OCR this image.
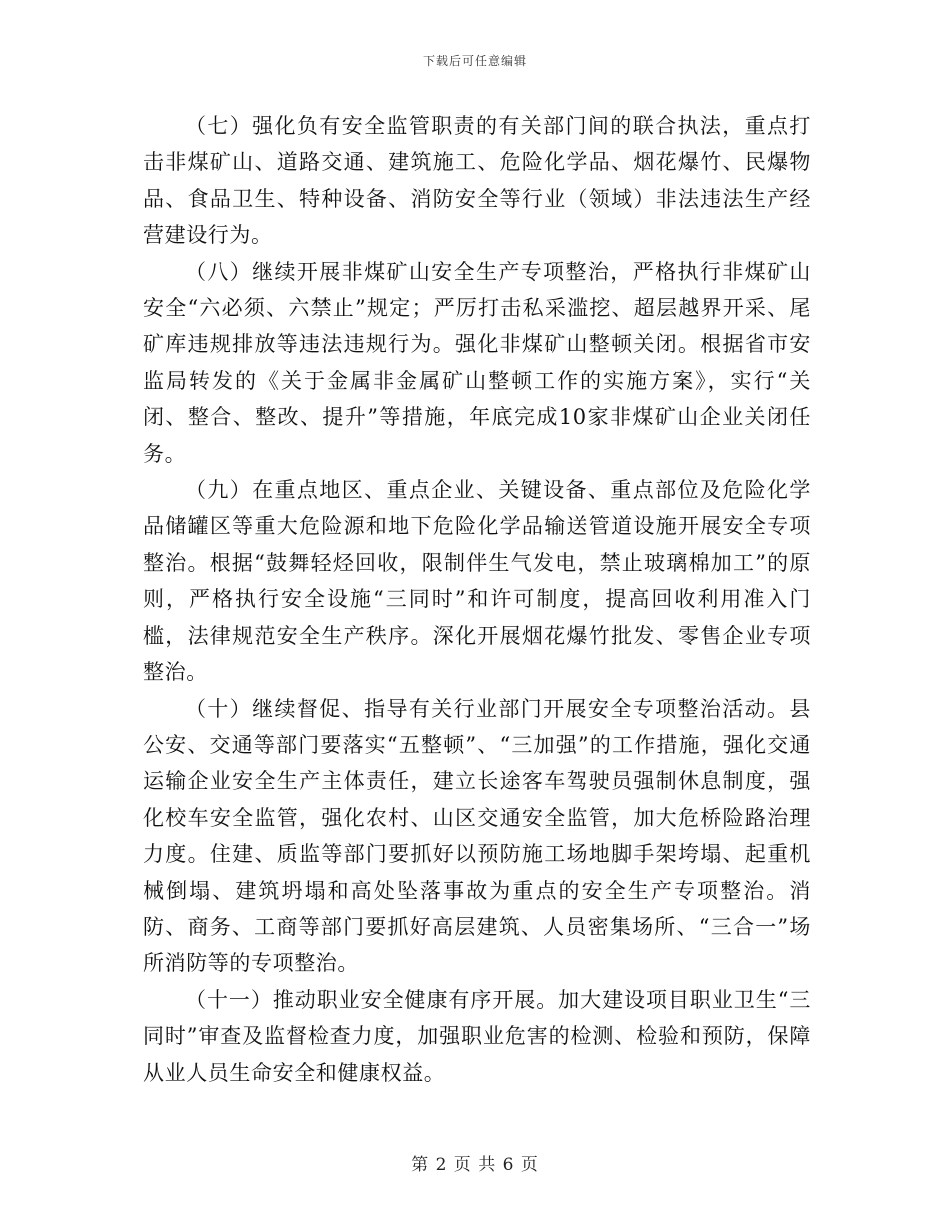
下载后可任意编辑

（七）强化负有安全监管职责的有关部门间的联合执法，重点打击非煤矿山、道路交通、建筑施工、危险化学品、烟花爆竹、民爆物品、食品卫生、特种设备、消防安全等行业（领域）非法违法生产经营建设行为。

（八）继续开展非煤矿山安全生产专项整治，严格执行非煤矿山安全“六必须、六禁止”规定；严厉打击私采滥挖、超层越界开采、尾矿库违规排放等违法违规行为。强化非煤矿山整顿关闭。根据省市安监局转发的《关于金属非金属矿山整顿工作的实施方案》，实行“关闭、整合、整改、提升”等措施，年底完成10家非煤矿山企业关闭任务。

（九）在重点地区、重点企业、关键设备、重点部位及危险化学品储罐区等重大危险源和地下危险化学品输送管道设施开展安全专项整治。根据“鼓舞轻烃回收，限制伴生气发电，禁止玻璃棉加工”的原则，严格执行安全设施“三同时”和许可制度，提高回收利用准入门槛，法律规范安全生产秩序。深化开展烟花爆竹批发、零售企业专项整治。

（十）继续督促、指导有关行业部门开展安全专项整治活动。县公安、交通等部门要落实“五整顿”、“三加强”的工作措施，强化交通运输企业安全生产主体责任，建立长途客车驾驶员强制休息制度，强化校车安全监管，强化农村、山区交通安全监管，加大危桥险路治理力度。住建、质监等部门要抓好以预防施工场地脚手架垮塌、起重机械倒塌、建筑坍塌和高处坠落事故为重点的安全生产专项整治。消防、商务、工商等部门要抓好高层建筑、人员密集场所、“三合一”场所消防等的专项整治。

（十一）推动职业安全健康有序开展。加大建设项目职业卫生“三同时”审查及监督检查力度，加强职业危害的检测、检验和预防，保障从业人员生命安全和健康权益。

第 2 页 共 6 页
